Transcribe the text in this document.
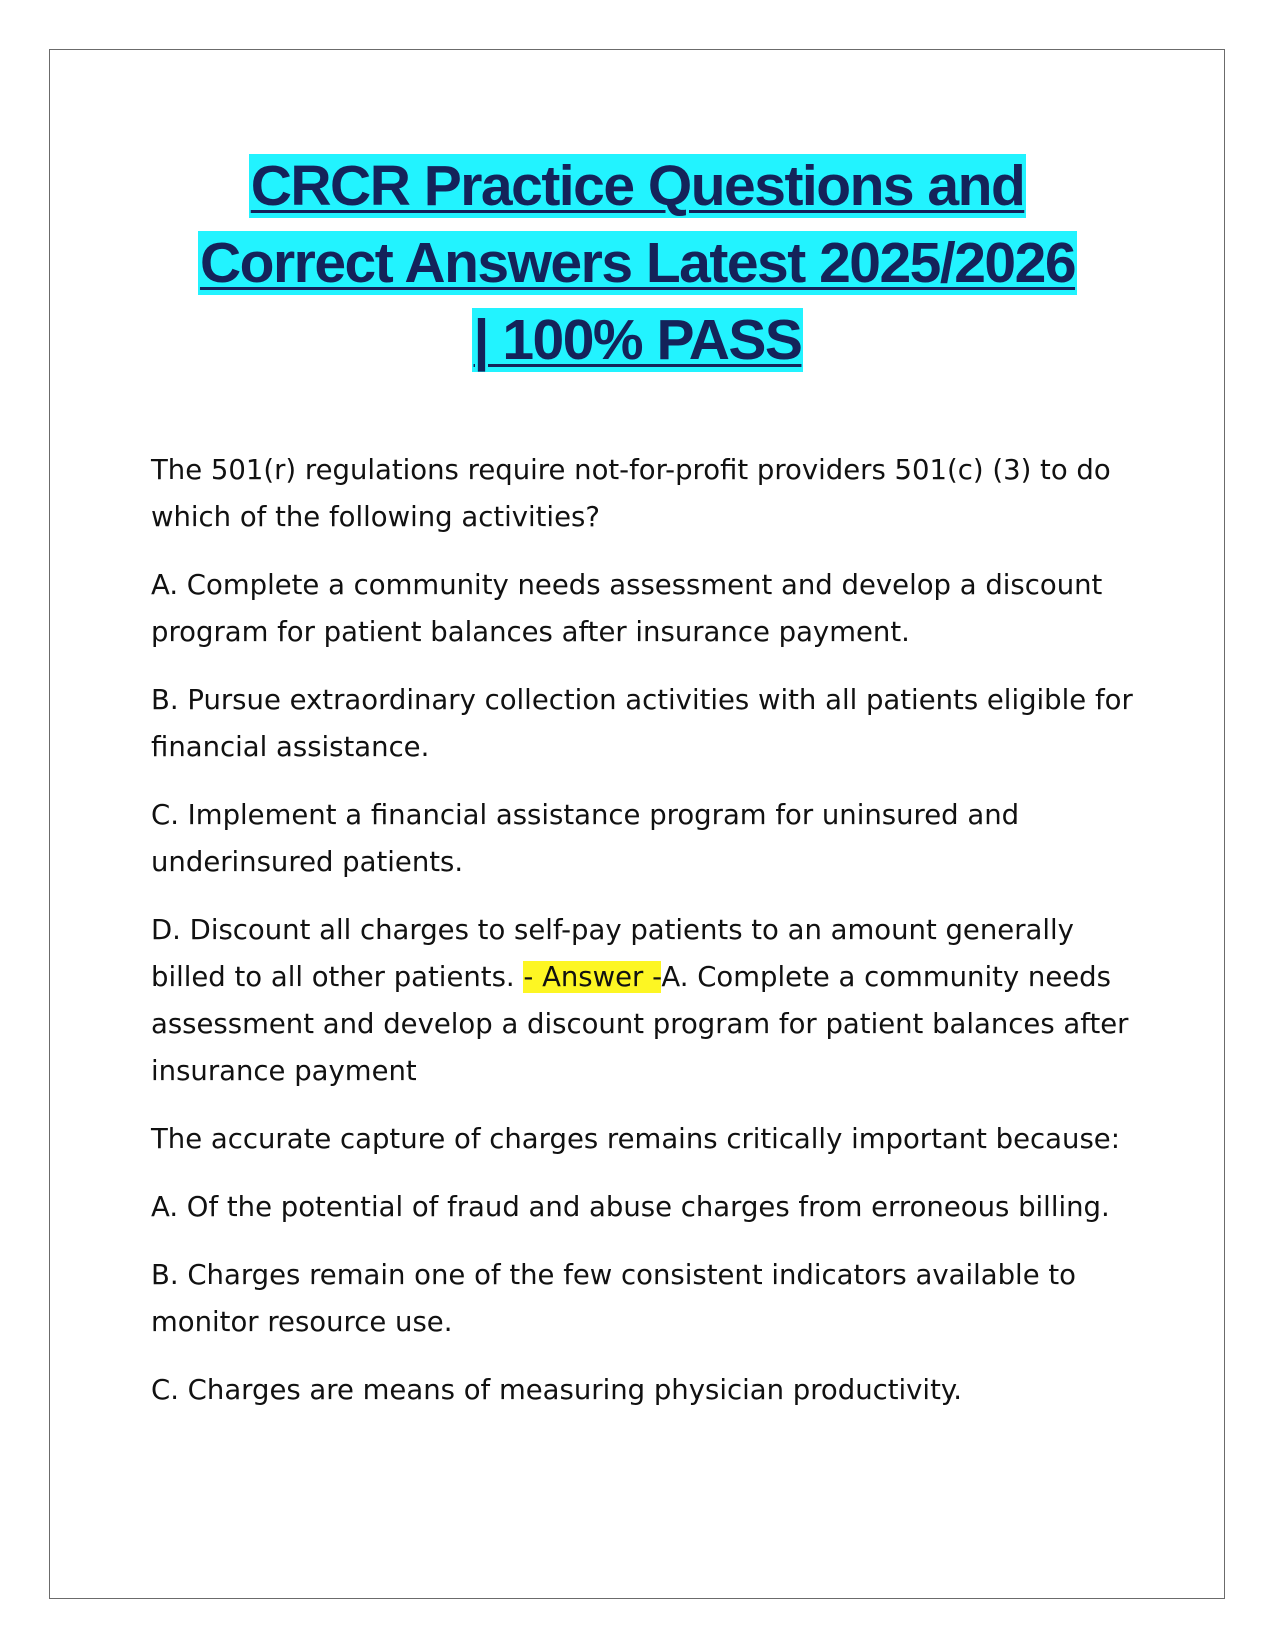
CRCR Practice Questions and
Correct Answers Latest 2025/2026
| 100% PASS

The 501(r) regulations require not-for-profit providers 501(c) (3) to do which of the following activities?

A. Complete a community needs assessment and develop a discount program for patient balances after insurance payment.

B. Pursue extraordinary collection activities with all patients eligible for financial assistance.

C. Implement a financial assistance program for uninsured and underinsured patients.

D. Discount all charges to self-pay patients to an amount generally billed to all other patients. - Answer -A. Complete a community needs assessment and develop a discount program for patient balances after insurance payment

The accurate capture of charges remains critically important because:

A. Of the potential of fraud and abuse charges from erroneous billing.

B. Charges remain one of the few consistent indicators available to monitor resource use.

C. Charges are means of measuring physician productivity.
